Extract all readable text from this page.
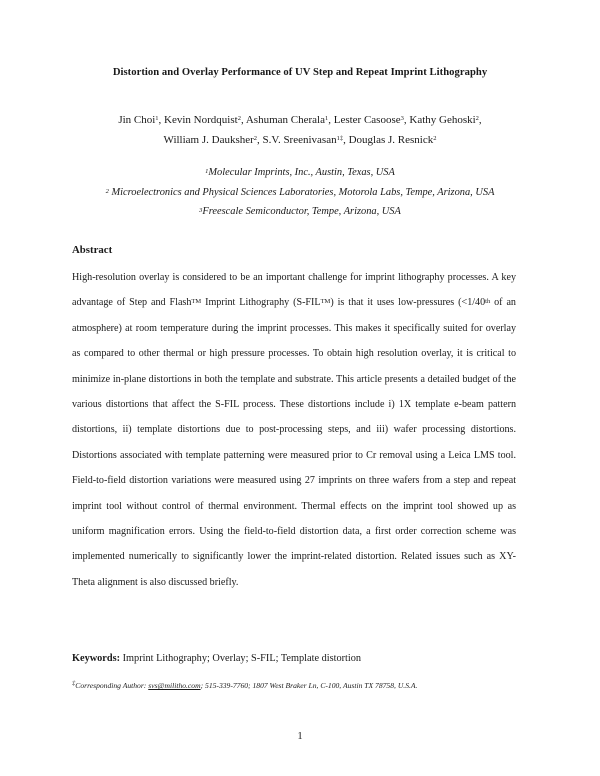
Distortion and Overlay Performance of UV Step and Repeat Imprint Lithography
Jin Choi$^1$, Kevin Nordquist$^2$, Ashuman Cherala$^1$, Lester Casoose$^3$, Kathy Gehoski$^2$,
William J. Dauksher$^2$, S.V. Sreenivasan$^{1\ddagger}$, Douglas J. Resnick$^2$
$^1$Molecular Imprints, Inc., Austin, Texas, USA
$^2$ Microelectronics and Physical Sciences Laboratories, Motorola Labs, Tempe, Arizona, USA
$^3$Freescale Semiconductor, Tempe, Arizona, USA
Abstract

High-resolution overlay is considered to be an important challenge for imprint lithography processes. A key advantage of Step and Flash™ Imprint Lithography (S-FIL™) is that it uses low-pressures (<1/40th of an atmosphere) at room temperature during the imprint processes. This makes it specifically suited for overlay as compared to other thermal or high pressure processes. To obtain high resolution overlay, it is critical to minimize in-plane distortions in both the template and substrate. This article presents a detailed budget of the various distortions that affect the S-FIL process. These distortions include i) 1X template e-beam pattern distortions, ii) template distortions due to post-processing steps, and iii) wafer processing distortions. Distortions associated with template patterning were measured prior to Cr removal using a Leica LMS tool. Field-to-field distortion variations were measured using 27 imprints on three wafers from a step and repeat imprint tool without control of thermal environment. Thermal effects on the imprint tool showed up as uniform magnification errors. Using the field-to-field distortion data, a first order correction scheme was implemented numerically to significantly lower the imprint-related distortion. Related issues such as XY-Theta alignment is also discussed briefly.

Keywords: Imprint Lithography; Overlay; S-FIL; Template distortion
‡Corresponding Author: svs@militho.com; 515-339-7760; 1807 West Braker Ln, C-100, Austin TX 78758, U.S.A.
1
